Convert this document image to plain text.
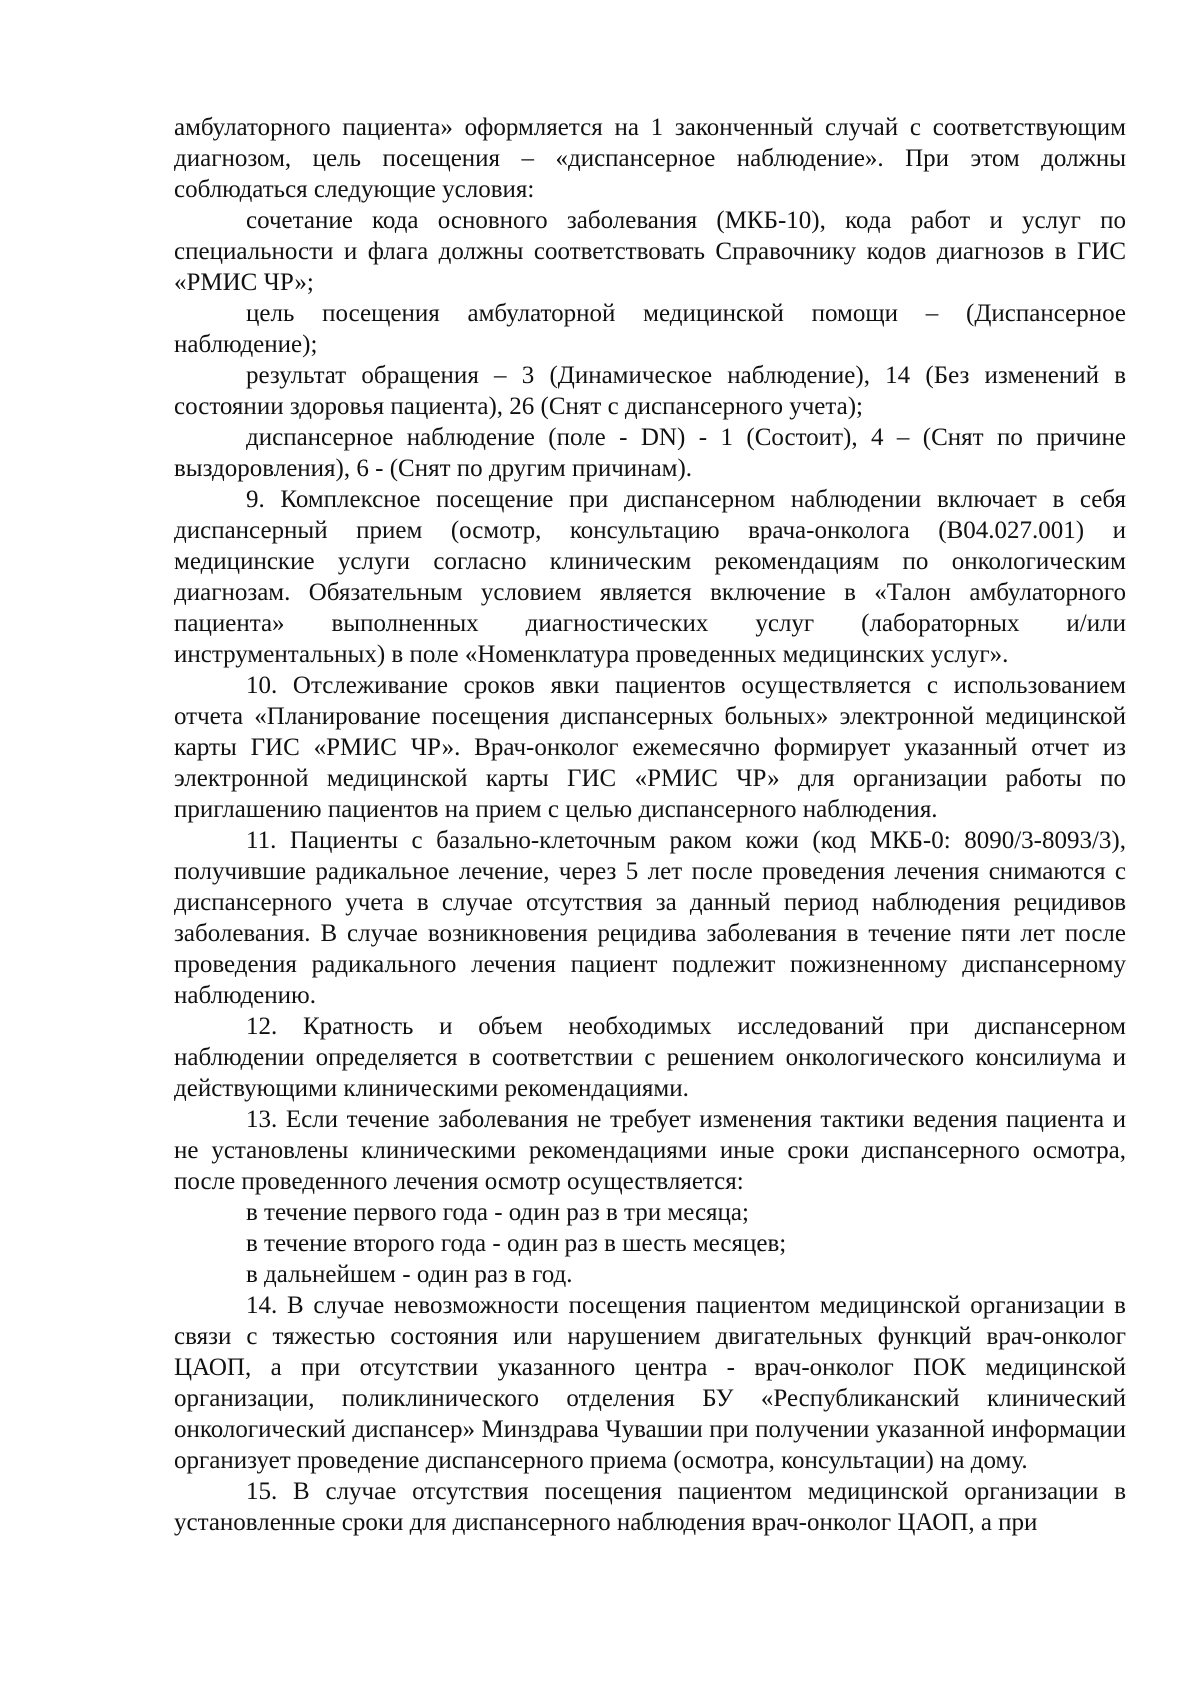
амбулаторного пациента» оформляется на 1 законченный случай с соответствующим диагнозом, цель посещения – «диспансерное наблюдение». При этом должны соблюдаться следующие условия:

сочетание кода основного заболевания (МКБ-10), кода работ и услуг по специальности и флага должны соответствовать Справочнику кодов диагнозов в ГИС «РМИС ЧР»;

цель посещения амбулаторной медицинской помощи – (Диспансерное наблюдение);

результат обращения – 3 (Динамическое наблюдение), 14 (Без изменений в состоянии здоровья пациента), 26 (Снят с диспансерного учета);

диспансерное наблюдение (поле - DN) - 1 (Состоит), 4 – (Снят по причине выздоровления), 6 - (Снят по другим причинам).

9. Комплексное посещение при диспансерном наблюдении включает в себя диспансерный прием (осмотр, консультацию врача-онколога (В04.027.001) и медицинские услуги согласно клиническим рекомендациям по онкологическим диагнозам. Обязательным условием является включение в «Талон амбулаторного пациента» выполненных диагностических услуг (лабораторных и/или инструментальных) в поле «Номенклатура проведенных медицинских услуг».

10. Отслеживание сроков явки пациентов осуществляется с использованием отчета «Планирование посещения диспансерных больных» электронной медицинской карты ГИС «РМИС ЧР». Врач-онколог ежемесячно формирует указанный отчет из электронной медицинской карты ГИС «РМИС ЧР» для организации работы по приглашению пациентов на прием с целью диспансерного наблюдения.

11. Пациенты с базально-клеточным раком кожи (код МКБ-0: 8090/3-8093/3), получившие радикальное лечение, через 5 лет после проведения лечения снимаются с диспансерного учета в случае отсутствия за данный период наблюдения рецидивов заболевания. В случае возникновения рецидива заболевания в течение пяти лет после проведения радикального лечения пациент подлежит пожизненному диспансерному наблюдению.

12. Кратность и объем необходимых исследований при диспансерном наблюдении определяется в соответствии с решением онкологического консилиума и действующими клиническими рекомендациями.

13. Если течение заболевания не требует изменения тактики ведения пациента и не установлены клиническими рекомендациями иные сроки диспансерного осмотра, после проведенного лечения осмотр осуществляется:

в течение первого года - один раз в три месяца;

в течение второго года - один раз в шесть месяцев;

в дальнейшем - один раз в год.

14. В случае невозможности посещения пациентом медицинской организации в связи с тяжестью состояния или нарушением двигательных функций врач-онколог ЦАОП, а при отсутствии указанного центра - врач-онколог ПОК медицинской организации, поликлинического отделения БУ «Республиканский клинический онкологический диспансер» Минздрава Чувашии при получении указанной информации организует проведение диспансерного приема (осмотра, консультации) на дому.

15. В случае отсутствия посещения пациентом медицинской организации в установленные сроки для диспансерного наблюдения врач-онколог ЦАОП, а при
